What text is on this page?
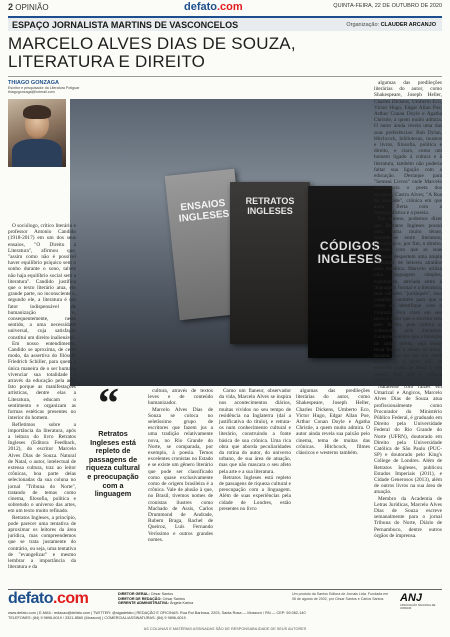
2 OPINIÃO	defato.com	QUINTA-FEIRA, 22 DE OUTUBRO DE 2020
ESPAÇO JORNALISTA MARTINS DE VASCONCELOS	Organização: CLAUDER ARCANJO
MARCELO ALVES DIAS DE SOUZA,
LITERATURA E DIREITO
THIAGO GONZAGA
Escritor e pesquisador da Literatura Potiguar
thiagogonzaga@hotmail.com
ENSAIOS INGLESES
RETRATOS INGLESES
CÓDIGOS INGLESES

O sociólogo, crítico literário e professor Antonio Candido (1918-2017) em um dos seus ensaios, "O Direito à Literatura", afirmou que, "assim como não é possível haver equilíbrio psíquico sem o sonho durante o sono, talvez não haja equilíbrio social sem a literatura". Candido justifica que o texto literário atua, em grande parte, no inconsciente e, segundo ele, a literatura é um fator indispensável de humanização e, consequentemente, neste sentido, a uma necessidade universal, cuja satisfação constitui um direito inalienável.

Em nosso entendimento, Candido se aproxima, de certo modo, da assertiva do filósofo Friedrich Schiller, para quem a única maneira de o ser humano vivenciar sua totalidade e através da educação pela arte. Isto porque as manifestações artísticas, dentre elas a Literatura, educam o sentimento e organizam as formas estéticas presentes no interior do homem.

Refletimos sobre a importância da literatura, após a leitura do livro Retratos Ingleses (Editora Feedback, 2012), do escritor Marcelo Alves Dias de Souza. Natural de Natal, o autor, intelectual de extensa cultura, traz ao leitor crônicas, boa parte delas selecionadas da sua coluna no jornal "Tribuna do Norte", tratando de temas como cinema, filosofia, política e sobretudo o universo das artes, em um texto muito refinado.

Retratos Ingleses, a princípio, pode parecer uma tentativa de aproximar os leitores da área jurídica, mas compreendemos que se trata justamente do contrário, ou seja, uma tentativa de "evangelizar" e mesmo lembrar a importância da literatura e da

“
Retratos Ingleses está repleto de passagens de riqueza cultural e preocupação com a linguagem

cultura, através de textos leves e de conteúdo humanizador.

Marcelo Alves Dias de Souza se coloca no seletíssimo grupo de escritores que fazem jus a uma tradição relativamente nova, no Rio Grande do Norte, se comparada, por exemplo, à poesia. Temos excelentes cronistas no Estado e se existe um gênero literário que pode ser classificado como quase exclusivamente como de origem brasileira é a crônica. Vale de alusão à que, no Brasil, tivemos nomes de cronistas ilustres como Machado de Assis, Carlos Drummond de Andrade, Rubem Braga, Rachel de Queiroz, Luís Fernando Veríssimo e outros grandes nomes.

Como um flaneur, observador da vida, Marcelo Alves se inspira nos acontecimentos diários, muitas vividos no seu tempo de residência na Inglaterra (daí a justificativa do título), e retrata-os num conhecimento cultural e literário, construindo a fonte básica de sua crônica. Uma rica obra que aborda peculiaridades da rotina do autor, do universo urbano, de sua área de atuação, mas que não mascara o seu afeto pela arte e a sua literatura.

Retratos Ingleses está repleto de passagens de riqueza cultural e preocupação com a linguagem. Além de suas experiências pela cidade de Londres, estão presentes no livro

algumas das predileções literárias do autor, como Shakespeare, Joseph Heller, Charles Dickens, Umberto Eco, Victor Hugo, Edgar Allan Poe, Arthur Conan Doyle e Agatha Christie, a quem muito admira. O autor ainda revela sua paixão pelo cinema, tema de muitas das crônicas. Hitchcock, filmes clássicos e westerns também.

algumas das predileções literárias do autor, como Shakespeare, Joseph Heller, Charles Dickens, Umberto Eco, Victor Hugo, Edgar Allan Poe, Arthur Conan Doyle e Agatha Christie, a quem muito admira. O autor ainda revela uma das suas preferências: Bob Dylan, Hitchcock, bibliotecas, museus e livros, filosofia, política e direito, e claro, como um homem ligado à cultura e à literatura, também não poderia faltar sua ligação com a educação. Destaque para "Semeai Livros" onde Marcelo homenageia o poeta dos escravos, Castro Alves; "A Rua da Saudade", crônica em que autor flerta com a memorialística e a poesia.

Em síntese, podemos dizer que Retratos Ingleses possui uma linha muito tênue, situando-se entre literatura, jornalismo e, por fim, o direito, fazendo com que as suas crônicas despertem uma ampla variedade de leitores atraídos pela temática. Marcelo utiliza uma linguagem simples, espontânea, atrelada entre a linguagem formal e a literatura, sem também "juridiquês", isso contribui também para que o leitor se identifique com o cronista. Fica claro em seu texto o amor que o escritor tem pelo direito, pela cultura e, sobretudo, pela literatura. Compreendemos que a intenção do autor, talvez, seja tentar levar humor e alento ao leitor, mostrar que há um elo entre ambos. E, a partir daí, de escrever como se fosse o seu missão unir arte e ciência jurídica.

Natalense com raízes em Umarizal e Angicos, Marcelo Alves Dias de Souza atua profissionalmente como Procurador do Ministério Público Federal, é graduado em Direito pela Universidade Federal do Rio Grande do Norte (UFRN), doutorado em Direito pela Universidade Católica de São Paulo (PUC-SP) e doutorado pelo King's College de Londres. Além de Retratos Ingleses, publicou Estados Imperiais (2011), e Cidade Generosos (2013), além de outros livros na sua área de atuação.

Membro da Academia de Letras Jurídicas, Marcelo Alves Dias de Souza escreve semanalmente para o jornal Tribuna do Norte, Diário de Pernambuco, dentre outros órgãos de imprensa.

defato.com	DIRETOR GERAL: César Santos
DIRETOR DE REDAÇÃO: César Santos
GERENTE ADMINISTRATIVA: Ângela Karina
Um produto da Santos Editora de Jornais Ltda. Fundada em 06 de agosto de 2002, por César Santos e Carlos Santos.	ANJ
ASSOCIAÇÃO NACIONAL DE JORNAIS
www.defato.com | E-MAIL: redacao@defato.com | TWITTER: @sigadefato | REDAÇÃO E OFICINAS: Rua Rui Barbosa, 2203, Santa Rosa — Mossoró / RN — CEP: 59.062-140
TELEFONES: (84) 9 9896-6019 / 3321-8560 (Mossoró) | COMERCIAL/ASSINATURAS: (84) 9 9896-6019
AS COLUNAS E MATÉRIAS ASSINADAS SÃO DE RESPONSABILIDADE DE SEUS AUTORES
